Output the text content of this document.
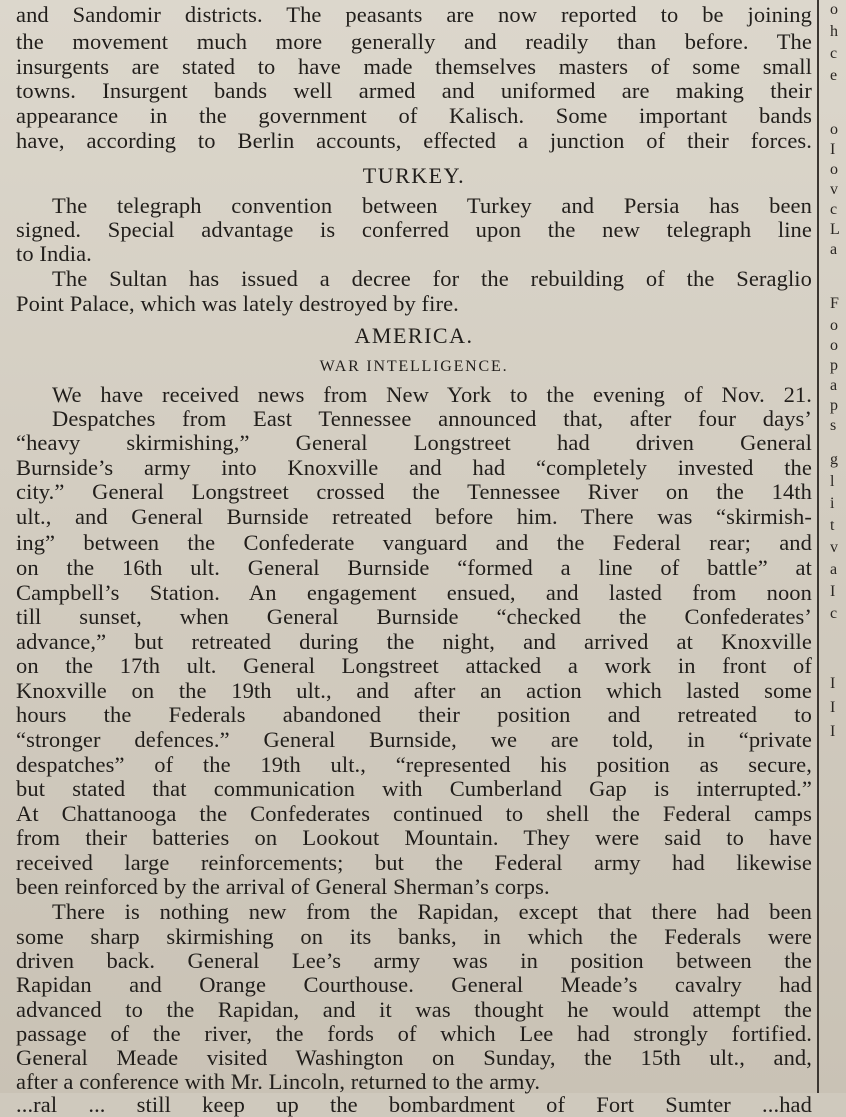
and Sandomir districts. The peasants are now reported to be joining
the movement much more generally and readily than before. The
insurgents are stated to have made themselves masters of some small
towns. Insurgent bands well armed and uniformed are making their
appearance in the government of Kalisch. Some important bands
have, according to Berlin accounts, effected a junction of their forces.
TURKEY.
The telegraph convention between Turkey and Persia has been
signed. Special advantage is conferred upon the new telegraph line
to India.
The Sultan has issued a decree for the rebuilding of the Seraglio
Point Palace, which was lately destroyed by fire.
AMERICA.
WAR INTELLIGENCE.
We have received news from New York to the evening of Nov. 21.
Despatches from East Tennessee announced that, after four days’
“heavy skirmishing,” General Longstreet had driven General
Burnside’s army into Knoxville and had “completely invested the
city.” General Longstreet crossed the Tennessee River on the 14th
ult., and General Burnside retreated before him. There was “skirmish-
ing” between the Confederate vanguard and the Federal rear; and
on the 16th ult. General Burnside “formed a line of battle” at
Campbell’s Station. An engagement ensued, and lasted from noon
till sunset, when General Burnside “checked the Confederates’
advance,” but retreated during the night, and arrived at Knoxville
on the 17th ult. General Longstreet attacked a work in front of
Knoxville on the 19th ult., and after an action which lasted some
hours the Federals abandoned their position and retreated to
“stronger defences.” General Burnside, we are told, in “private
despatches” of the 19th ult., “represented his position as secure,
but stated that communication with Cumberland Gap is interrupted.”
At Chattanooga the Confederates continued to shell the Federal camps
from their batteries on Lookout Mountain. They were said to have
received large reinforcements; but the Federal army had likewise
been reinforced by the arrival of General Sherman’s corps.
There is nothing new from the Rapidan, except that there had been
some sharp skirmishing on its banks, in which the Federals were
driven back. General Lee’s army was in position between the
Rapidan and Orange Courthouse. General Meade’s cavalry had
advanced to the Rapidan, and it was thought he would attempt the
passage of the river, the fords of which Lee had strongly fortified.
General Meade visited Washington on Sunday, the 15th ult., and,
after a conference with Mr. Lincoln, returned to the army.
...ral ... still keep up the bombardment of Fort Sumter ...had
o
h
c
e
o
I
o
v
c
L
a
F
o
o
p
a
p
s
g
l
i
t
v
a
I
c
I
I
I
